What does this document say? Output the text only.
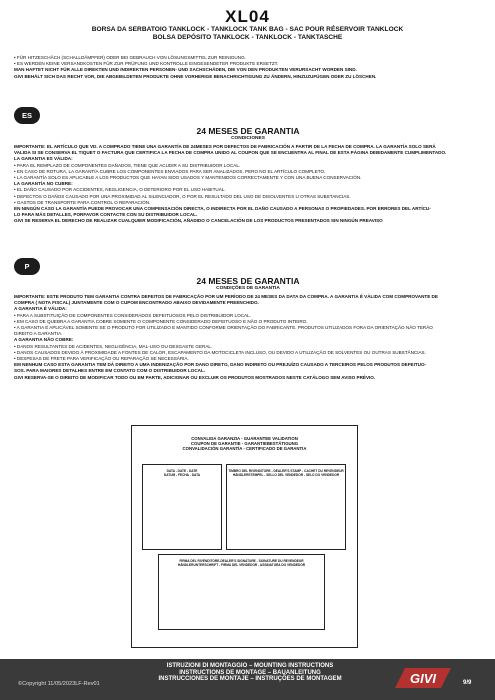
XL04
BORSA DA SERBATOIO TANKLOCK - TANKLOCK TANK BAG - SAC POUR RÉSERVOIR TANKLOCK
BOLSA DEPÓSITO TANKLOCK - TANKLOCK - TANKTASCHE

• FÜR HITZESCHÄCH (SCHALLDÄMPFER) ODER BEI GEBRAUCH VON LÖSUNGSMITTEL ZUR REINIGUNG.

• ES WERDEN KEINE VERSANDKOSTEN FÜR ZUR PRÜFUNG UND KONTROLLE EINGESENDETER PRODUKTE ERSETZT.

MAN HAFTET NICHT FÜR ALLE DIREKTEN UND INDIREKTEN PERSONEN- UND SACHSCHÄDEN, DIE VON DEN PRODUKTEN VERURSACHT WORDEN SIND.

GIVI BEHÄLT SICH DAS RECHT VOR, DIE ABGEBILDETEN PRODUKTE OHNE VORHERIGE BENACHRICHTIGUNG ZU ÄNDERN, HINZUZUFÜGEN ODER ZU LÖSCHEN.

ES
24 MESES DE GARANTIA
CONDICIONES

IMPORTANTE: EL ARTÍCULO QUE VD. A COMPRADO TIENE UNA GARANTÍA DE 24MESES POR DEFECTOS DE FABRICACIÓN A PARTIR DE LA FECHA DE COMPRA. LA GARANTÍA SOLO SERÁ

VALIDA SI SE CONSERVA EL TIQUET O FACTURA QUE CERTIFICA LA FECHA DE COMPRA UNIDO AL COUPON QUE SE ENCUENTRA AL FINAL DE ESTA PÁGINA DEBIDAMENTE CUMPLIMENTADO.

LA GARANTIA ES VÁLIDA:

• PARA EL REMPLAZO DE COMPONENTES DAÑADOS, TIENE QUE ACUDIR A SU DISTRIBUIDOR LOCAL.

• EN CASO DE ROTURA, LA GARANTÍA CUBRE LOS COMPONENTES ENVIADOS PARA SER ANALIZADOS, PERO NO EL ARTÍCULO COMPLETO.

• LA GARANTÍA SOLO ES APLICABLE A LOS PRODUCTOS QUE HAYAN SIDO USADOS Y MANTENIDOS CORRECTAMENTE Y CON UNA BUENA CONSERVACIÓN.

LA GARANTÍA NO CUBRE:

• EL DAÑO CAUSADO POR ACCIDENTES, NEGLIGENCIA, O DETERIORO POR EL USO HABITUAL.

• DEFECTOS O DAÑOS CAUSADO POR UNA PROXIMIDAD AL SILENCIADOR, O POR EL RESULTADO DEL USO DE DISOLVENTES U OTRAS SUBSTANCIAS.

• GASTOS DE TRANSPORTE PARA CONTROL O REPARACIÓN.

EN NINGÚN CASO LA GARANTÍA PUEDE PROVOCAR UNA COMPENSACIÓN DIRECTA, O INDIRECTA POR EL DAÑO CAUSADO A PERSONAS O PROPIEDADES. POR ERRORES DEL ARTÍCU-

LO PARA MÁS DETALLES, PORFAVOR CONTACTE CON SU DISTRIBUIDOR LOCAL.

GIVI SE RESERVA EL DERECHO DE REALIZAR CUALQUIER MODIFICACIÓN, AÑADIDO O CANCELACIÓN DE LOS PRODUCTOS PRESENTADOS SIN NINGÚN PREAVISO

P
24 MESES DE GARANTIA
CONDIÇÕES DE GARANTIA

IMPORTANTE: ESTE PRODUTO TEM GARANTIA CONTRA DEFEITOS DE FABRICAÇÃO POR UM PERÍODO DE 24 MESES DA DATA DA COMPRA. A GARANTIA É VÁLIDA COM COMPROVANTE DE

COMPRA ( NOTA FISCAL) JUNTAMENTE COM O CUPOM ENCONTRADO ABAIXO DEVIDAMENTE PREENCHIDO.

A GARANTIA É VÁLIDA:

• PARA A SUBSTITUIÇÃO DE COMPONENTES CONSIDERADOS DEFEITUOSOS PELO DISTRIBUIDOR LOCAL.

• EM CASO DE QUEBRA A GARANTIA COBRE SOMENTE O COMPONENTE CONSIDERADO DEFEITUOSO E NÃO O PRODUTO INTEIRO.

• A GARANTIA É APLICÁVEL SOMENTE SE O PRODUTO FOR UTILIZADO E MANTIDO CONFORME ORIENTAÇÃO DO FABRICANTE. PRODUTOS UTILIZADOS FORA DA ORIENTAÇÃO NÃO TERÃO

DIREITO A GARANTIA.

A GARANTIA NÃO COBRE:

• DANOS RESULTANTES DE ACIDENTES, NEGLIGÊNCIA, MAL-USO OU DESGASTE GERAL.

• DANOS CAUSADOS DEVIDO À PROXIMIDADE A FONTES DE CALOR, ESCAPAMENTO DA MOTOCICLETA INCLUSO, OU DEVIDO A UTILIZAÇÃO DE SOLVENTES OU OUTRAS SUBSTÂNCIAS.

• DESPESAS DE FRETE PARA VERIFICAÇÃO OU REPARAÇÃO SE NECESSÁRIA.

EM NENHUM CASO ESTA GARANTIA TEM DÁ DIREITO A UMA INDENIZAÇÃO POR DANO DIRETO, DANO INDIRETO OU PREJUÍZO CAUSADO A TERCEIROS PELOS PRODUTOS DEFEITUO-

SOS. PARA MAIORES DETALHES ENTRE EM CONTATO COM O DISTRIBUIDOR LOCAL.

GIVI RESERVA-SE O DIREITO DE MODIFICAR TODO OU EM PARTE, ADICIONAR OU EXCLUIR OS PRODUTOS MOSTRADOS NESTE CATÁLOGO SEM AVISO PRÉVIO.

CONVALIDA GARANZIA - GUARANTEE VALIDATION
COUPON DE GARANTIE - GARANTIEBESTÄTIGUNG
CONVALIDACIÓN GARANTÍA - CERTIFICADO DE GARANTIA
DATA - DATE - DATE
DATUM - FECHA - DATA
TIMBRO DEL RIVENDITORE - DEALER'S STAMP - CACHET DU REVENDEUR
HÄNDLERSTEMPEL - SELLO DEL VENDEDOR - SELO DO VENDEDOR
FIRMA DEL RIVENDITORE-DEALER'S SIGNATURE - SIGNATURE DU REVENDEUR
HÄNDLERUNTERSCHRIFT - FIRMA DEL VENDEDOR - ASSINATURA DO VENDEDOR
©Copyright 11/05/2023LF-Rev01
ISTRUZIONI DI MONTAGGIO – MOUNTING INSTRUCTIONS
INSTRUCTIONS DE MONTAGE – BAUANLEITUNG
INSTRUCCIONES DE MONTAJE – INSTRUÇÕES DE MONTAGEM	GIVI	9/9
